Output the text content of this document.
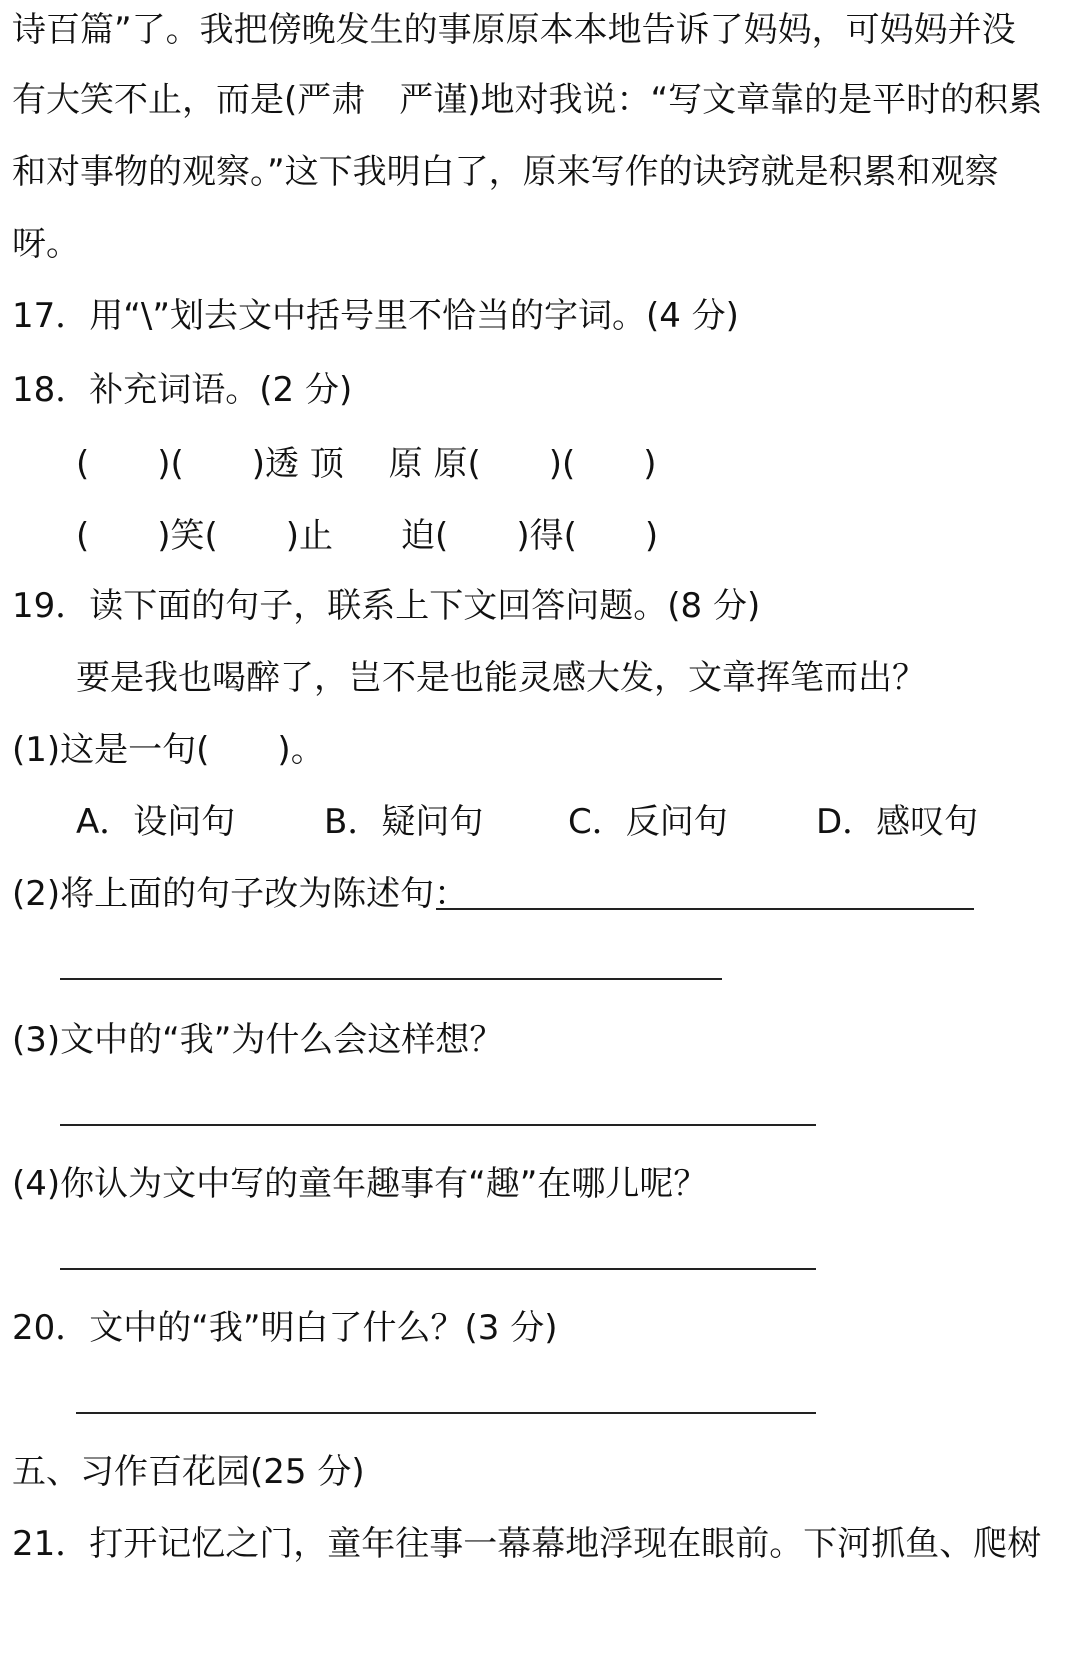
诗百篇”了。我把傍晚发生的事原原本本地告诉了妈妈，可妈妈并没
有大笑不止，而是(严肃　严谨)地对我说：“写文章靠的是平时的积累
和对事物的观察。”这下我明白了，原来写作的诀窍就是积累和观察
呀。
17．用“\”划去文中括号里不恰当的字词。(4 分)
18．补充词语。(2 分)
(　　)(　　)透 顶　 原 原(　　)(　　)
(　　)笑(　　)止　　迫(　　)得(　　)
19．读下面的句子，联系上下文回答问题。(8 分)
要是我也喝醉了，岂不是也能灵感大发，文章挥笔而出？
(1)这是一句(　　)。
A．设问句	B．疑问句 C．反问句	D．感叹句
(2)将上面的句子改为陈述句：
(3)文中的“我”为什么会这样想？
(4)你认为文中写的童年趣事有“趣”在哪儿呢？
20．文中的“我”明白了什么？(3 分)
五、习作百花园(25 分)
21．打开记忆之门，童年往事一幕幕地浮现在眼前。下河抓鱼、爬树
